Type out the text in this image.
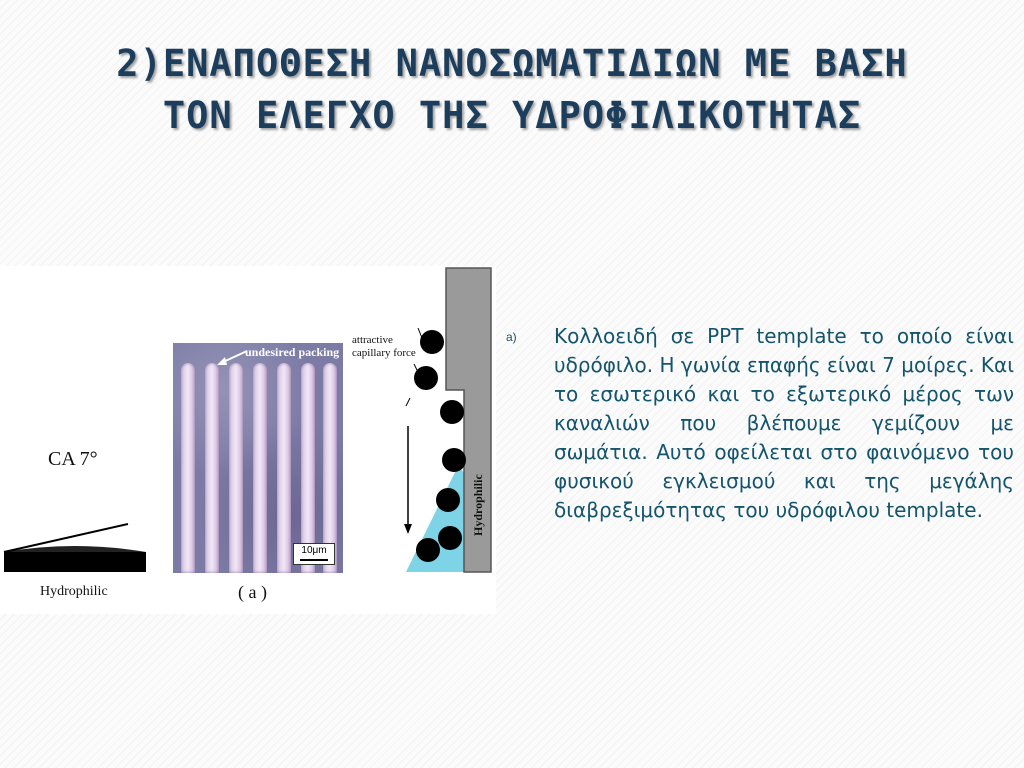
2)ΕΝΑΠΟΘΕΣΗ ΝΑΝΟΣΩΜΑΤΙΔΙΩΝ ΜΕ ΒΑΣΗ
ΤΟΝ ΕΛΕΓΧΟ ΤΗΣ ΥΔΡΟΦΙΛΙΚΟΤΗΤΑΣ
CA 7°
Hydrophilic
undesired packing
10μm
( a )
attractive capillary force
Hydrophilic
a) Κολλοειδή σε PPT template το οποίο είναι υδρόφιλο. Η γωνία επαφής είναι 7 μοίρες. Και το εσωτερικό και το εξωτερικό μέρος των καναλιών που βλέπουμε γεμίζουν με σωμάτια. Αυτό οφείλεται στο φαινόμενο του φυσικού εγκλεισμού και της μεγάλης διαβρεξιμότητας του υδρόφιλου template.
